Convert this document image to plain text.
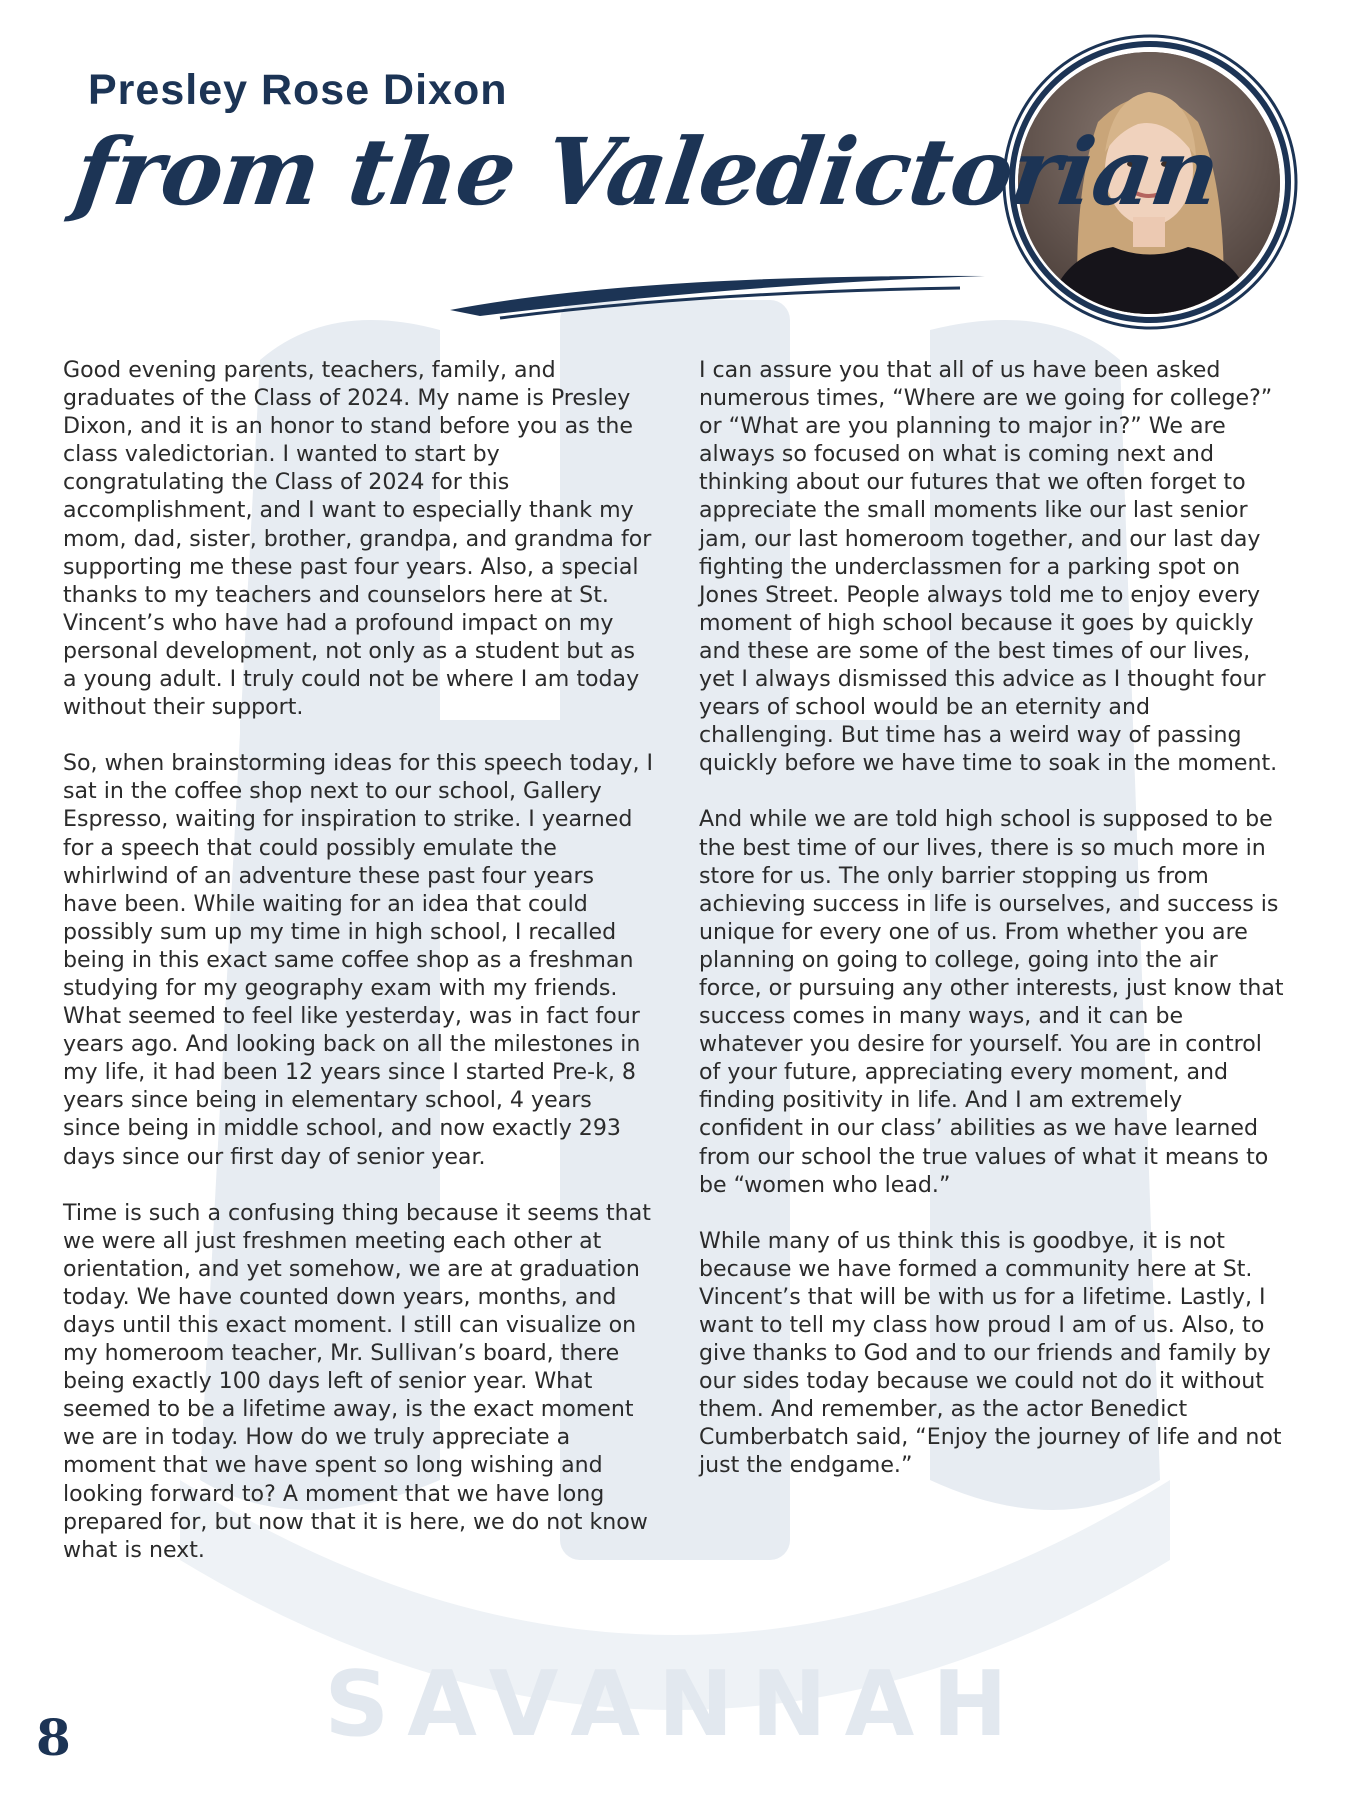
SAVANNAH
Presley Rose Dixon
from the Valedictorian

Good evening parents, teachers, family, and graduates of the Class of 2024. My name is Presley Dixon, and it is an honor to stand before you as the class valedictorian. I wanted to start by congratulating the Class of 2024 for this accomplishment, and I want to especially thank my mom, dad, sister, brother, grandpa, and grandma for supporting me these past four years. Also, a special thanks to my teachers and counselors here at St. Vincent’s who have had a profound impact on my personal development, not only as a student but as a young adult. I truly could not be where I am today without their support.

So, when brainstorming ideas for this speech today, I sat in the coffee shop next to our school, Gallery Espresso, waiting for inspiration to strike. I yearned for a speech that could possibly emulate the whirlwind of an adventure these past four years have been. While waiting for an idea that could possibly sum up my time in high school, I recalled being in this exact same coffee shop as a freshman studying for my geography exam with my friends. What seemed to feel like yesterday, was in fact four years ago. And looking back on all the milestones in my life, it had been 12 years since I started Pre-k, 8 years since being in elementary school, 4 years since being in middle school, and now exactly 293 days since our first day of senior year.

Time is such a confusing thing because it seems that we were all just freshmen meeting each other at orientation, and yet somehow, we are at graduation today. We have counted down years, months, and days until this exact moment. I still can visualize on my homeroom teacher, Mr. Sullivan’s board, there being exactly 100 days left of senior year. What seemed to be a lifetime away, is the exact moment we are in today. How do we truly appreciate a moment that we have spent so long wishing and looking forward to? A moment that we have long prepared for, but now that it is here, we do not know what is next.

I can assure you that all of us have been asked numerous times, “Where are we going for college?” or “What are you planning to major in?” We are always so focused on what is coming next and thinking about our futures that we often forget to appreciate the small moments like our last senior jam, our last homeroom together, and our last day fighting the underclassmen for a parking spot on Jones Street. People always told me to enjoy every moment of high school because it goes by quickly and these are some of the best times of our lives, yet I always dismissed this advice as I thought four years of school would be an eternity and challenging. But time has a weird way of passing quickly before we have time to soak in the moment.

And while we are told high school is supposed to be the best time of our lives, there is so much more in store for us. The only barrier stopping us from achieving success in life is ourselves, and success is unique for every one of us. From whether you are planning on going to college, going into the air force, or pursuing any other interests, just know that success comes in many ways, and it can be whatever you desire for yourself. You are in control of your future, appreciating every moment, and finding positivity in life. And I am extremely confident in our class’ abilities as we have learned from our school the true values of what it means to be “women who lead.”

While many of us think this is goodbye, it is not because we have formed a community here at St. Vincent’s that will be with us for a lifetime. Lastly, I want to tell my class how proud I am of us. Also, to give thanks to God and to our friends and family by our sides today because we could not do it without them. And remember, as the actor Benedict Cumberbatch said, “Enjoy the journey of life and not just the endgame.”

8
